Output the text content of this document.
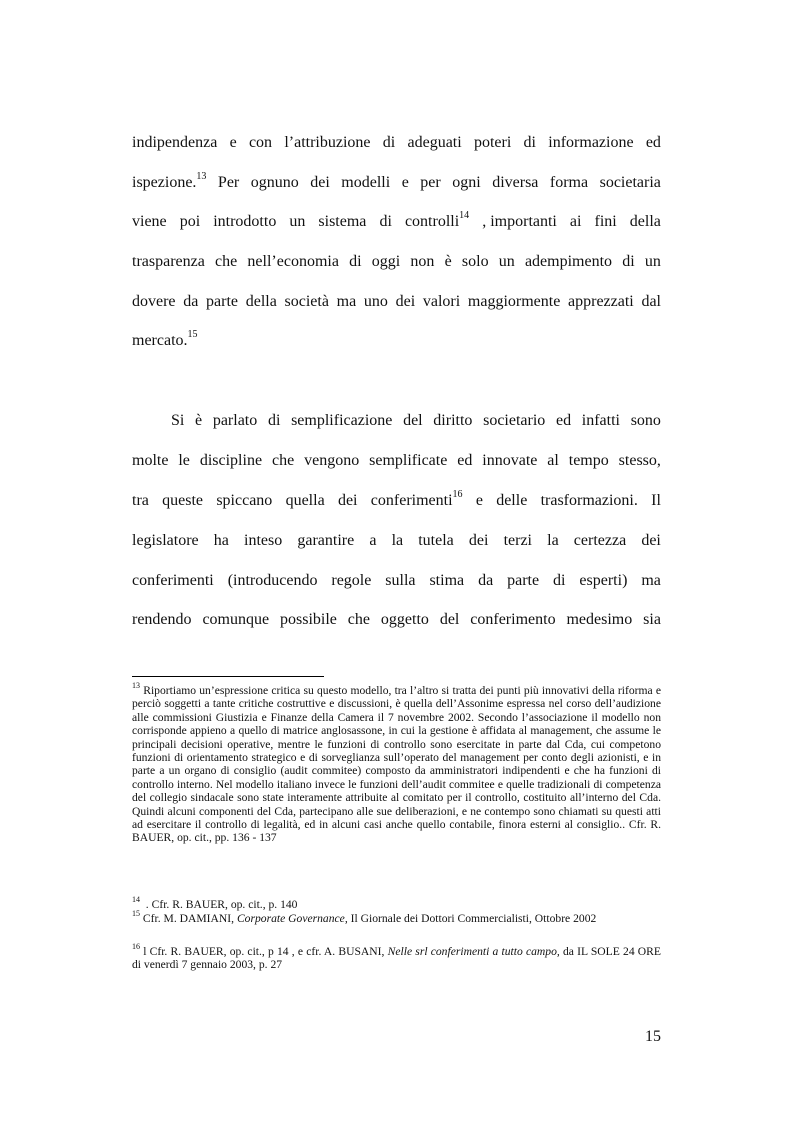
indipendenza e con l’attribuzione di adeguati poteri di informazione ed
ispezione.$^{13}$ Per ognuno dei modelli e per ogni diversa forma societaria
viene poi introdotto un sistema di controlli$^{14}$ , importanti ai fini della
trasparenza che nell’economia di oggi non è solo un adempimento di un
dovere da parte della società ma uno dei valori maggiormente apprezzati dal
mercato.$^{15}$
Si è parlato di semplificazione del diritto societario ed infatti sono
molte le discipline che vengono semplificate ed innovate al tempo stesso,
tra queste spiccano quella dei conferimenti$^{16}$ e delle trasformazioni. Il
legislatore ha inteso garantire a la tutela dei terzi la certezza dei
conferimenti (introducendo regole sulla stima da parte di esperti) ma
rendendo comunque possibile che oggetto del conferimento medesimo sia
$^{13}$ Riportiamo un’espressione critica su questo modello, tra l’altro si tratta dei punti più innovativi della riforma e perciò soggetti a tante critiche costruttive e discussioni, è quella dell’Assonime espressa nel corso dell’audizione alle commissioni Giustizia e Finanze della Camera il 7 novembre 2002. Secondo l’associazione il modello non corrisponde appieno a quello di matrice anglosassone, in cui la gestione è affidata al management, che assume le principali decisioni operative, mentre le funzioni di controllo sono esercitate in parte dal Cda, cui competono funzioni di orientamento strategico e di sorveglianza sull’operato del management per conto degli azionisti, e in parte a un organo di consiglio (audit commitee) composto da amministratori indipendenti e che ha funzioni di controllo interno. Nel modello italiano invece le funzioni dell’audit commitee e quelle tradizionali di competenza del collegio sindacale sono state interamente attribuite al comitato per il controllo, costituito all’interno del Cda. Quindi alcuni componenti del Cda, partecipano alle sue deliberazioni, e ne contempo sono chiamati su questi atti ad esercitare il controllo di legalità, ed in alcuni casi anche quello contabile, finora esterni al consiglio.. Cfr. R. BAUER, op. cit., pp. 136 - 137
$^{14}$  . Cfr. R. BAUER, op. cit., p. 140
$^{15}$ Cfr. M. DAMIANI, Corporate Governance, Il Giornale dei Dottori Commercialisti, Ottobre 2002
$^{16}$ l Cfr. R. BAUER, op. cit., p 14 , e cfr. A. BUSANI, Nelle srl conferimenti a tutto campo, da IL SOLE 24 ORE di venerdì 7 gennaio 2003, p. 27
15
